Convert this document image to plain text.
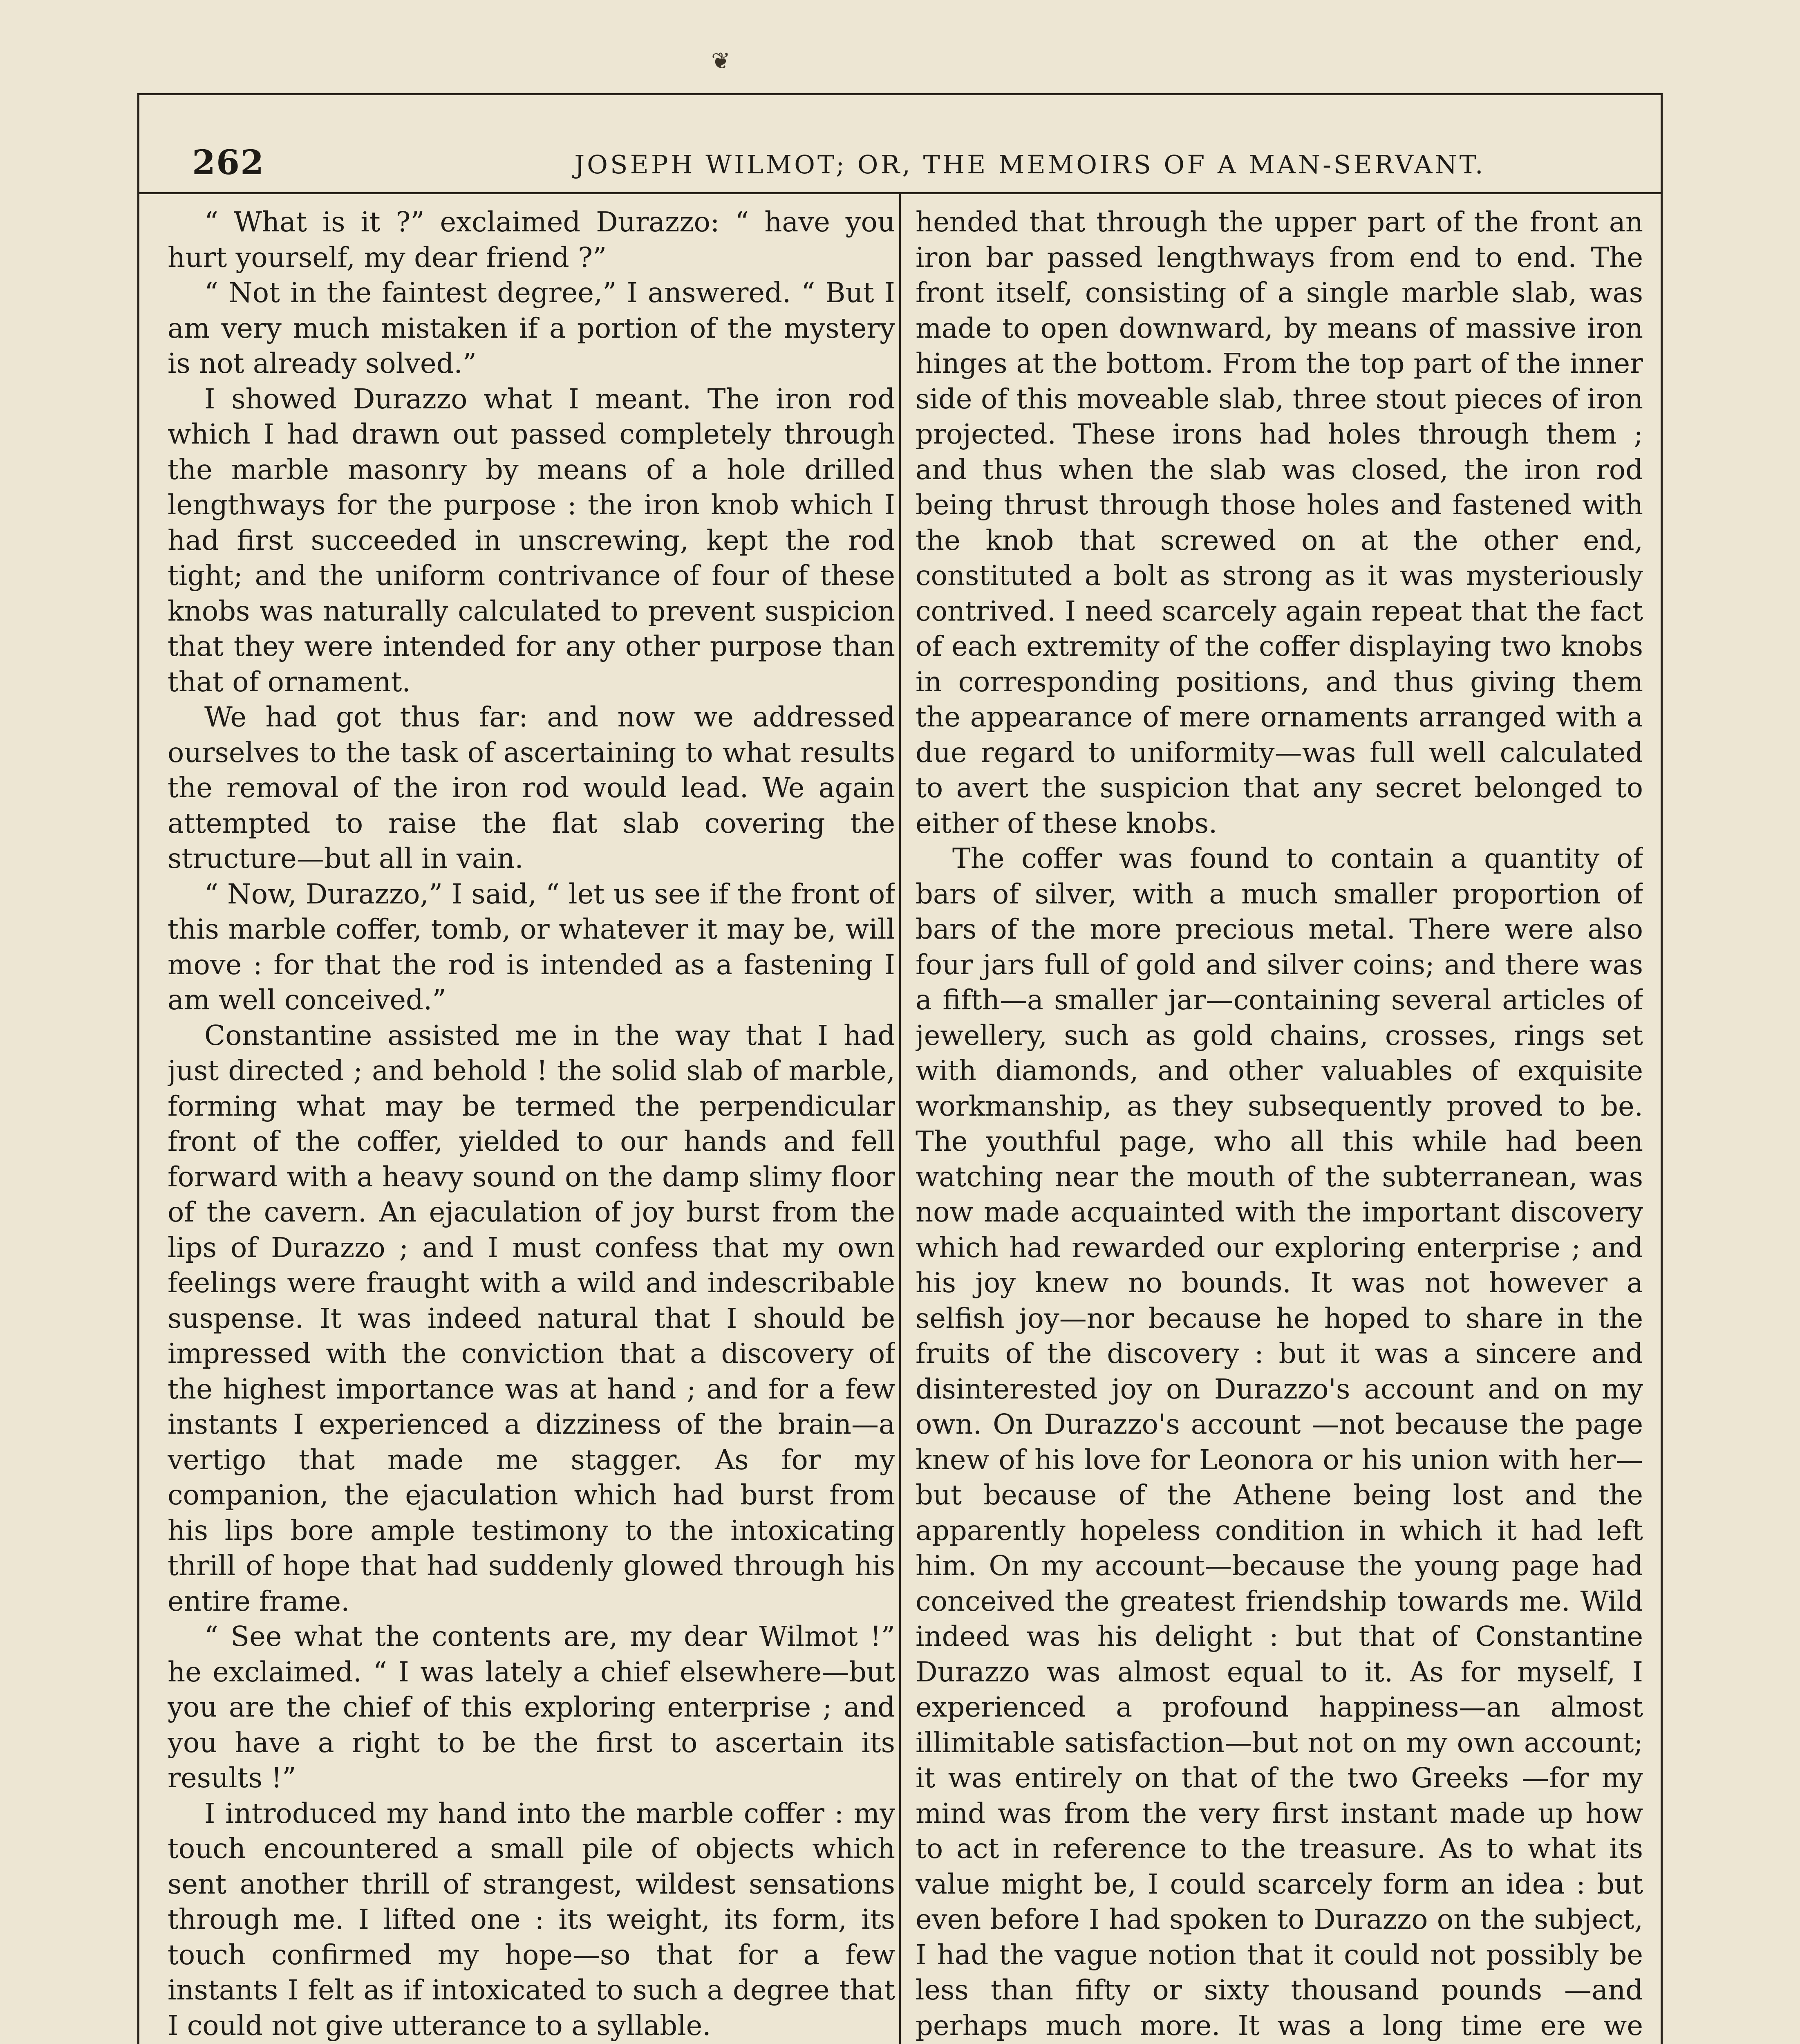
❦
262	JOSEPH WILMOT; OR, THE MEMOIRS OF A MAN-SERVANT.

“ What is it ?” exclaimed Durazzo: “ have you hurt yourself, my dear friend ?”

“ Not in the faintest degree,” I answered. “ But I am very much mistaken if a portion of the mystery is not already solved.”

I showed Durazzo what I meant. The iron rod which I had drawn out passed completely through the marble masonry by means of a hole drilled lengthways for the purpose : the iron knob which I had first succeeded in unscrewing, kept the rod tight; and the uniform contrivance of four of these knobs was naturally calculated to prevent suspicion that they were intended for any other purpose than that of ornament.

We had got thus far: and now we addressed ourselves to the task of ascertaining to what results the removal of the iron rod would lead. We again attempted to raise the flat slab covering the structure—but all in vain.

“ Now, Durazzo,” I said, “ let us see if the front of this marble coffer, tomb, or whatever it may be, will move : for that the rod is intended as a fastening I am well conceived.”

Constantine assisted me in the way that I had just directed ; and behold ! the solid slab of marble, forming what may be termed the perpendicular front of the coffer, yielded to our hands and fell forward with a heavy sound on the damp slimy floor of the cavern. An ejaculation of joy burst from the lips of Durazzo ; and I must confess that my own feelings were fraught with a wild and indescribable suspense. It was indeed natural that I should be impressed with the conviction that a discovery of the highest importance was at hand ; and for a few instants I experienced a dizziness of the brain—a vertigo that made me stagger. As for my companion, the ejaculation which had burst from his lips bore ample testimony to the intoxicating thrill of hope that had suddenly glowed through his entire frame.

“ See what the contents are, my dear Wilmot !” he exclaimed. “ I was lately a chief elsewhere—but you are the chief of this exploring enterprise ; and you have a right to be the first to ascertain its results !”

I introduced my hand into the marble coffer : my touch encountered a small pile of objects which sent another thrill of strangest, wildest sensations through me. I lifted one : its weight, its form, its touch confirmed my hope—so that for a few instants I felt as if intoxicated to such a degree that I could not give utterance to a syllable.

hended that through the upper part of the front an iron bar passed lengthways from end to end. The front itself, consisting of a single marble slab, was made to open downward, by means of massive iron hinges at the bottom. From the top part of the inner side of this moveable slab, three stout pieces of iron projected. These irons had holes through them ; and thus when the slab was closed, the iron rod being thrust through those holes and fastened with the knob that screwed on at the other end, constituted a bolt as strong as it was mysteriously contrived. I need scarcely again repeat that the fact of each extremity of the coffer displaying two knobs in corresponding positions, and thus giving them the appearance of mere ornaments arranged with a due regard to uniformity—was full well calculated to avert the suspicion that any secret belonged to either of these knobs.

The coffer was found to contain a quantity of bars of silver, with a much smaller proportion of bars of the more precious metal. There were also four jars full of gold and silver coins; and there was a fifth—a smaller jar—containing several articles of jewellery, such as gold chains, crosses, rings set with diamonds, and other valuables of exquisite workmanship, as they subsequently proved to be. The youthful page, who all this while had been watching near the mouth of the subterranean, was now made acquainted with the important discovery which had rewarded our exploring enterprise ; and his joy knew no bounds. It was not however a selfish joy—nor because he hoped to share in the fruits of the discovery : but it was a sincere and disinterested joy on Durazzo's account and on my own. On Durazzo's account —not because the page knew of his love for Leonora or his union with her—but because of the Athene being lost and the apparently hopeless condition in which it had left him. On my account—because the young page had conceived the greatest friendship towards me. Wild indeed was his delight : but that of Constantine Durazzo was almost equal to it. As for myself, I experienced a profound happiness—an almost illimitable satisfaction—but not on my own account; it was entirely on that of the two Greeks —for my mind was from the very first instant made up how to act in reference to the treasure. As to what its value might be, I could scarcely form an idea : but even before I had spoken to Durazzo on the subject, I had the vague notion that it could not possibly be less than fifty or sixty thousand pounds —and perhaps much more. It was a long time ere we
